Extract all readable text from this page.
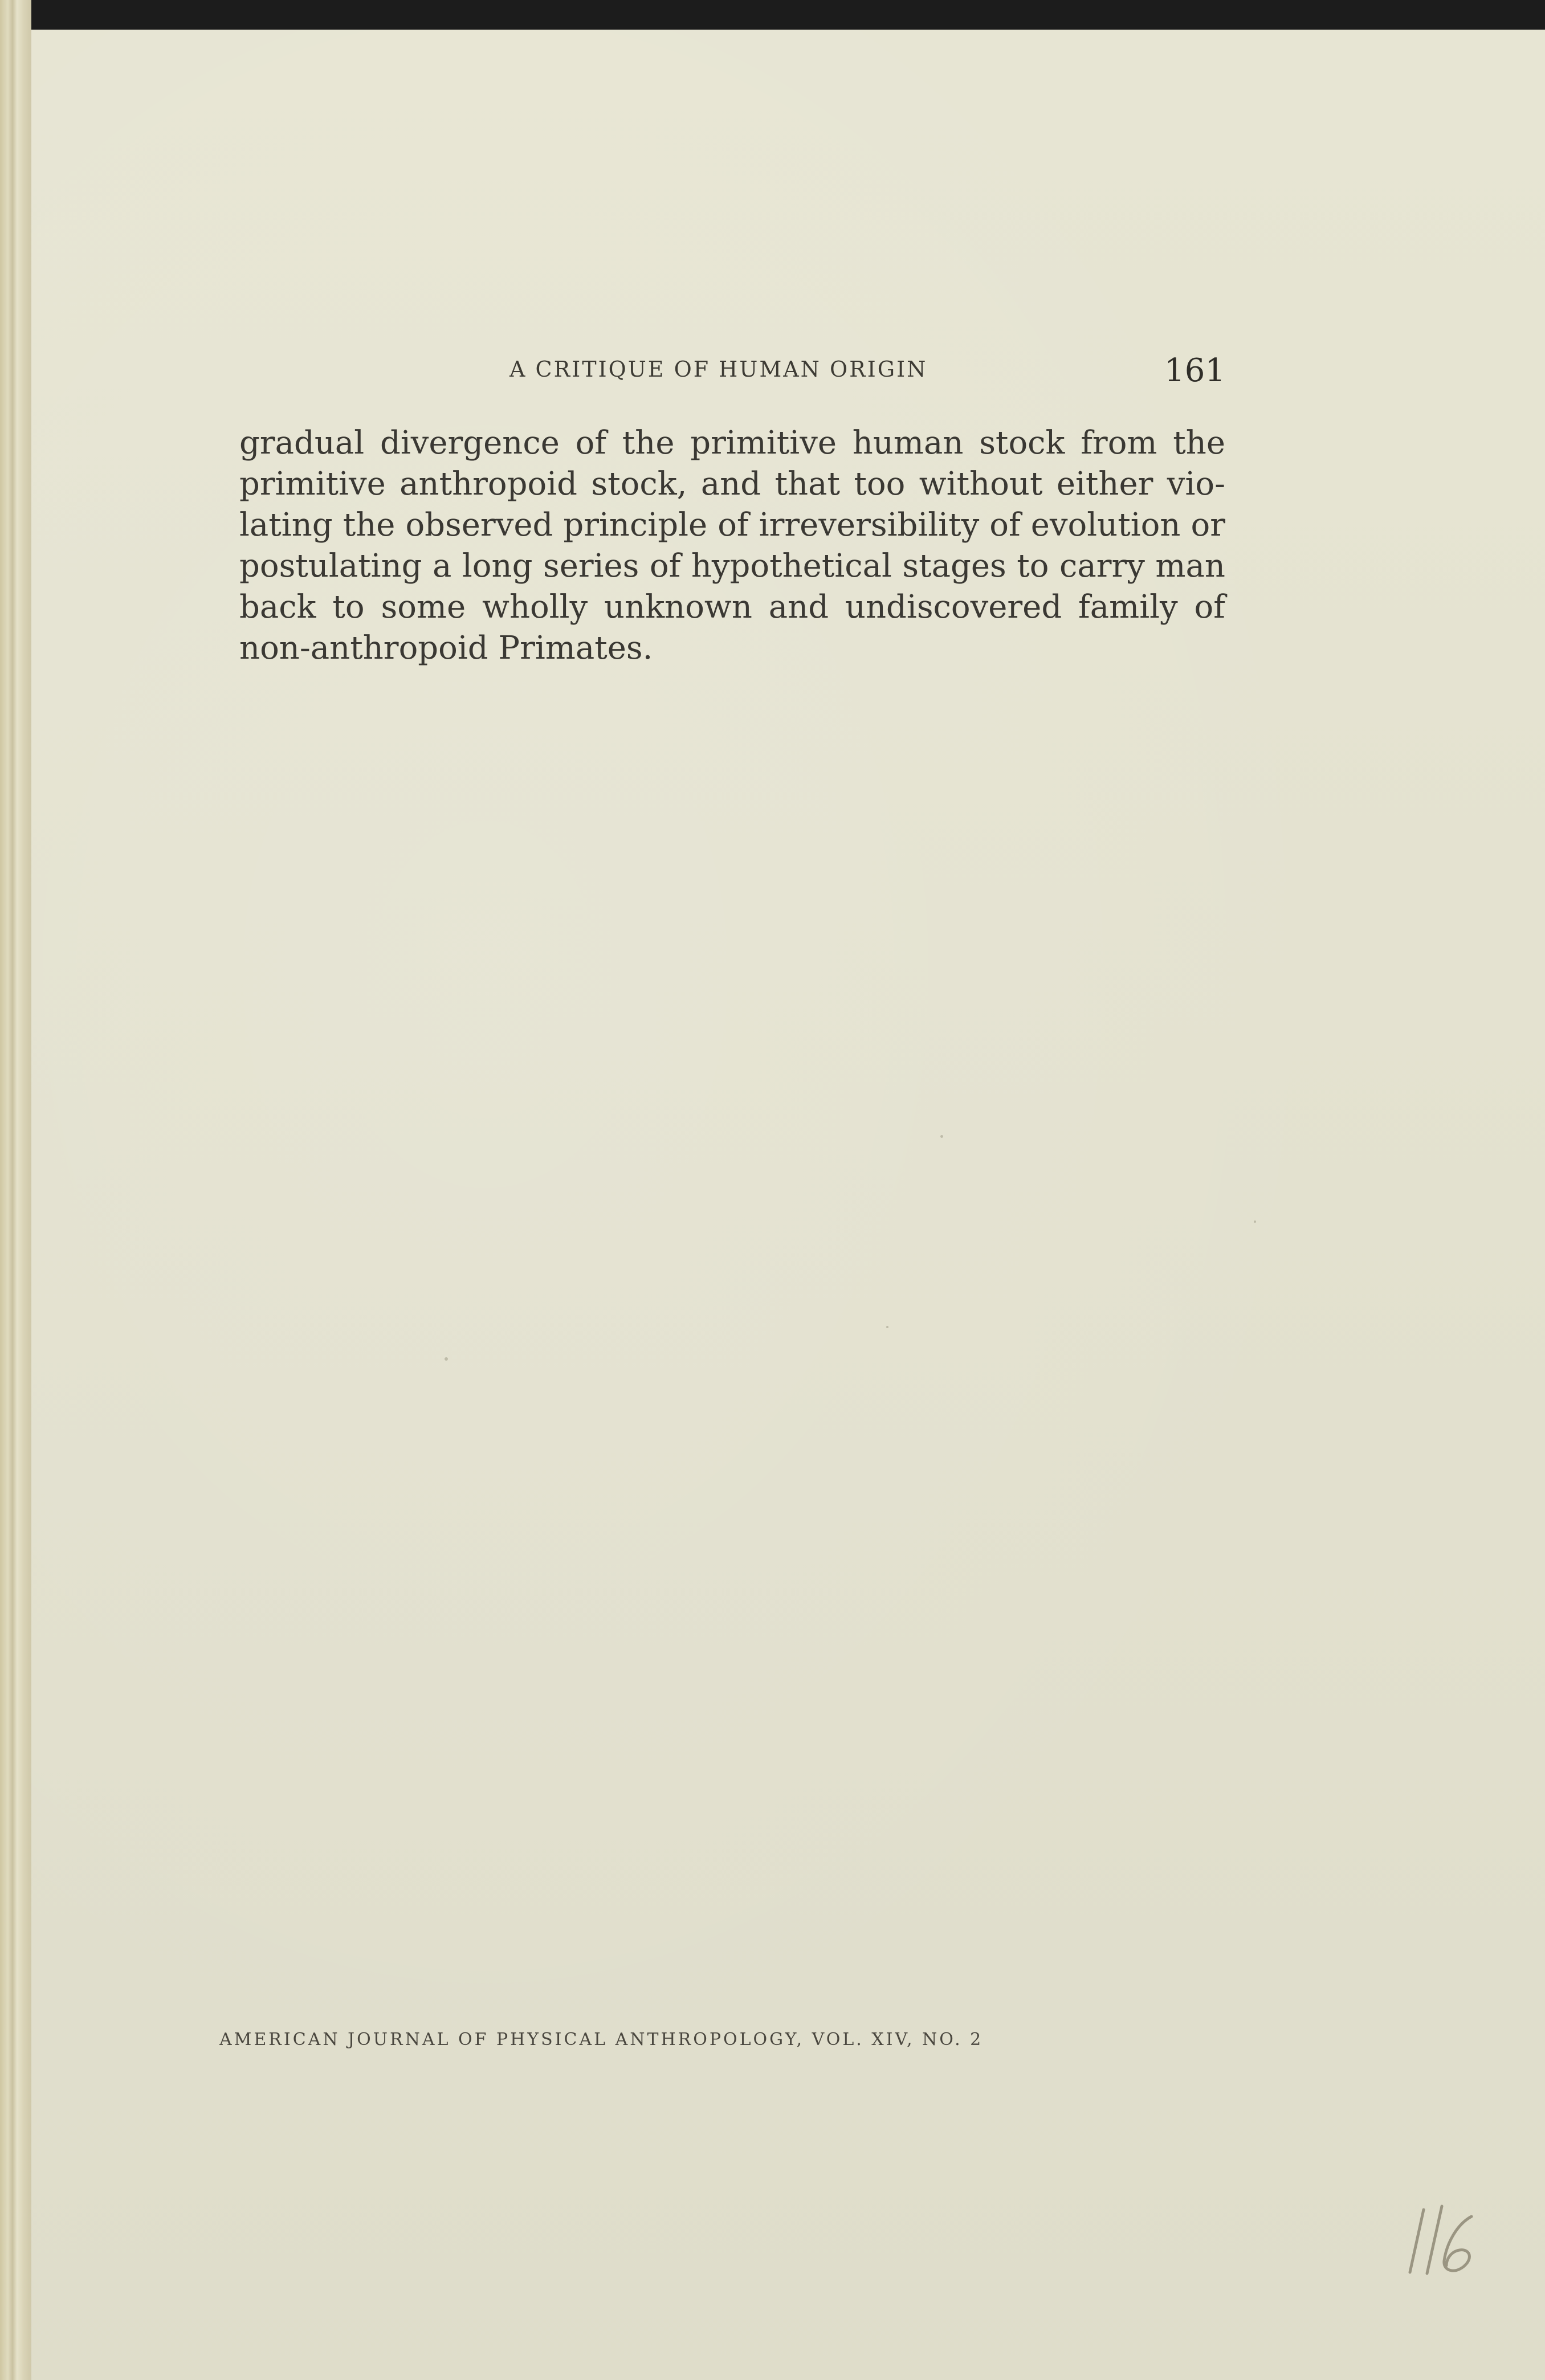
A CRITIQUE OF HUMAN ORIGIN	161
gradual divergence of the primitive human stock from the
primitive anthropoid stock, and that too without either vio-
lating the observed principle of irreversibility of evolution or
postulating a long series of hypothetical stages to carry man
back to some wholly unknown and undiscovered family of
non-anthropoid Primates.
AMERICAN JOURNAL OF PHYSICAL ANTHROPOLOGY, VOL. XIV, NO. 2
